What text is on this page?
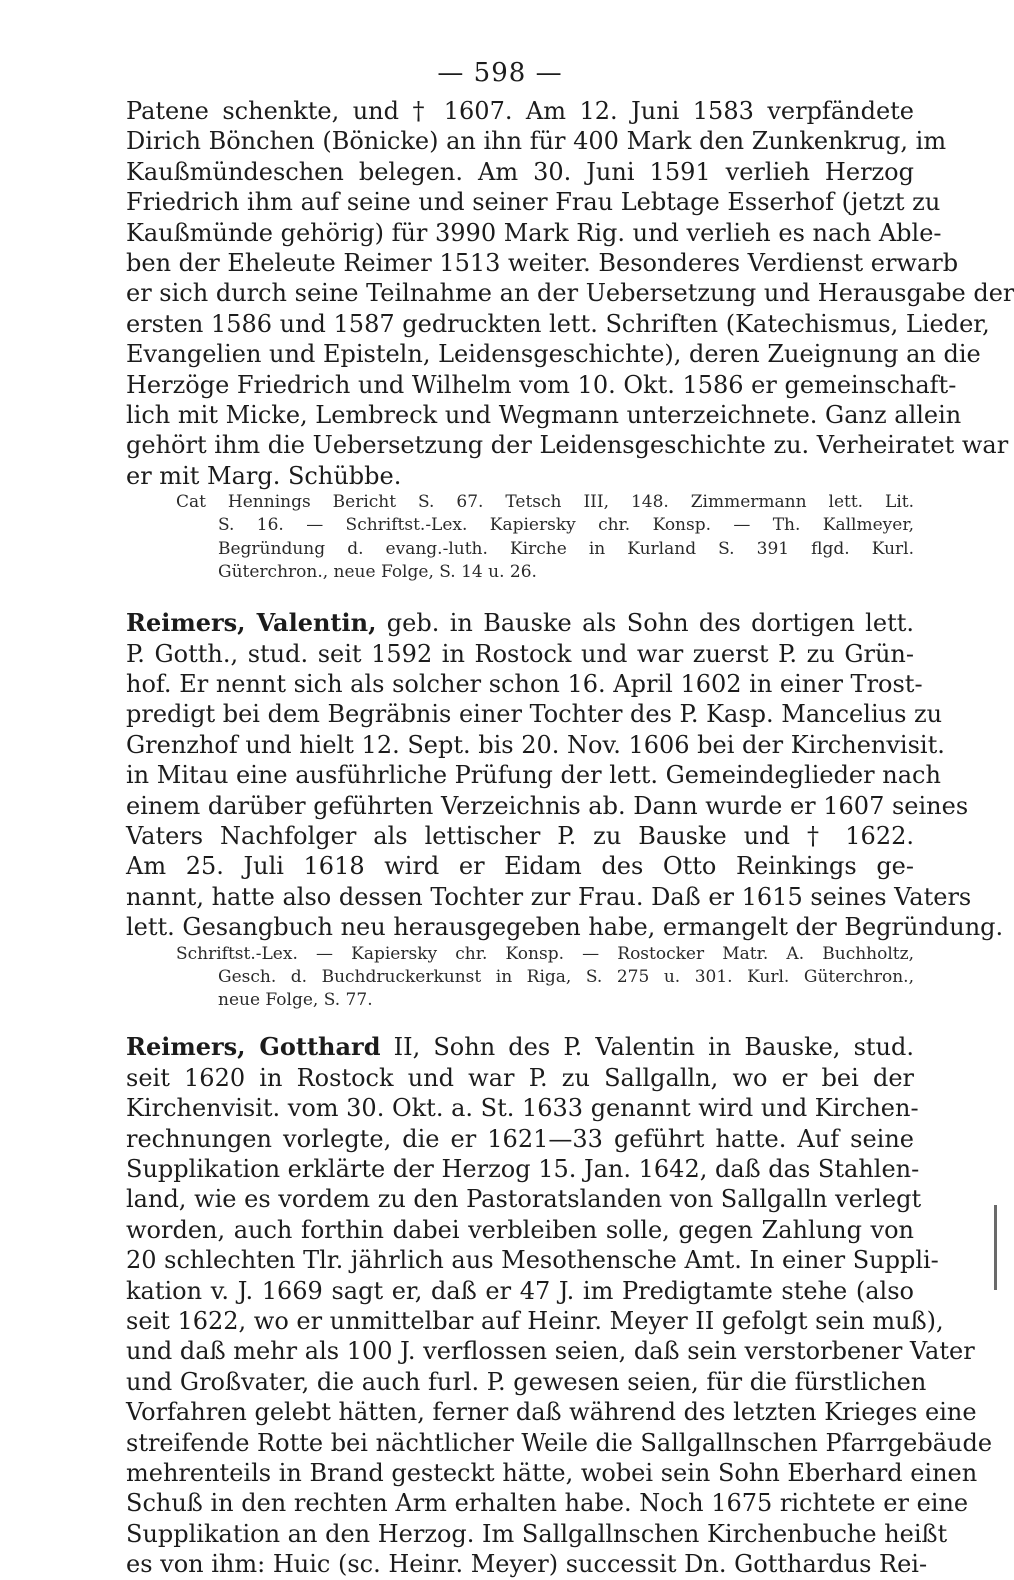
— 598 —
Patene schenkte, und † 1607. Am 12. Juni 1583 verpfändete
Dirich Bönchen (Bönicke) an ihn für 400 Mark den Zunkenkrug, im
Kaußmündeschen belegen. Am 30. Juni 1591 verlieh Herzog
Friedrich ihm auf seine und seiner Frau Lebtage Esserhof (jetzt zu
Kaußmünde gehörig) für 3990 Mark Rig. und verlieh es nach Able-
ben der Eheleute Reimer 1513 weiter. Besonderes Verdienst erwarb
er sich durch seine Teilnahme an der Uebersetzung und Herausgabe der
ersten 1586 und 1587 gedruckten lett. Schriften (Katechismus, Lieder,
Evangelien und Episteln, Leidensgeschichte), deren Zueignung an die
Herzöge Friedrich und Wilhelm vom 10. Okt. 1586 er gemeinschaft-
lich mit Micke, Lembreck und Wegmann unterzeichnete. Ganz allein
gehört ihm die Uebersetzung der Leidensgeschichte zu. Verheiratet war
er mit Marg. Schübbe.
Cat Hennings Bericht S. 67. Tetsch III, 148. Zimmermann lett. Lit.
S. 16. — Schriftst.-Lex. Kapiersky chr. Konsp. — Th. Kallmeyer,
Begründung d. evang.-luth. Kirche in Kurland S. 391 flgd. Kurl.
Güterchron., neue Folge, S. 14 u. 26.
Reimers, Valentin, geb. in Bauske als Sohn des dortigen lett.
P. Gotth., stud. seit 1592 in Rostock und war zuerst P. zu Grün-
hof. Er nennt sich als solcher schon 16. April 1602 in einer Trost-
predigt bei dem Begräbnis einer Tochter des P. Kasp. Mancelius zu
Grenzhof und hielt 12. Sept. bis 20. Nov. 1606 bei der Kirchenvisit.
in Mitau eine ausführliche Prüfung der lett. Gemeindeglieder nach
einem darüber geführten Verzeichnis ab. Dann wurde er 1607 seines
Vaters Nachfolger als lettischer P. zu Bauske und † 1622.
Am 25. Juli 1618 wird er Eidam des Otto Reinkings ge-
nannt, hatte also dessen Tochter zur Frau. Daß er 1615 seines Vaters
lett. Gesangbuch neu herausgegeben habe, ermangelt der Begründung.
Schriftst.-Lex. — Kapiersky chr. Konsp. — Rostocker Matr. A. Buchholtz,
Gesch. d. Buchdruckerkunst in Riga, S. 275 u. 301. Kurl. Güterchron.,
neue Folge, S. 77.
Reimers, Gotthard II, Sohn des P. Valentin in Bauske, stud.
seit 1620 in Rostock und war P. zu Sallgalln, wo er bei der
Kirchenvisit. vom 30. Okt. a. St. 1633 genannt wird und Kirchen-
rechnungen vorlegte, die er 1621—33 geführt hatte. Auf seine
Supplikation erklärte der Herzog 15. Jan. 1642, daß das Stahlen-
land, wie es vordem zu den Pastoratslanden von Sallgalln verlegt
worden, auch forthin dabei verbleiben solle, gegen Zahlung von
20 schlechten Tlr. jährlich aus Mesothensche Amt. In einer Suppli-
kation v. J. 1669 sagt er, daß er 47 J. im Predigtamte stehe (also
seit 1622, wo er unmittelbar auf Heinr. Meyer II gefolgt sein muß),
und daß mehr als 100 J. verflossen seien, daß sein verstorbener Vater
und Großvater, die auch furl. P. gewesen seien, für die fürstlichen
Vorfahren gelebt hätten, ferner daß während des letzten Krieges eine
streifende Rotte bei nächtlicher Weile die Sallgallnschen Pfarrgebäude
mehrenteils in Brand gesteckt hätte, wobei sein Sohn Eberhard einen
Schuß in den rechten Arm erhalten habe. Noch 1675 richtete er eine
Supplikation an den Herzog. Im Sallgallnschen Kirchenbuche heißt
es von ihm: Huic (sc. Heinr. Meyer) successit Dn. Gotthardus Rei-
